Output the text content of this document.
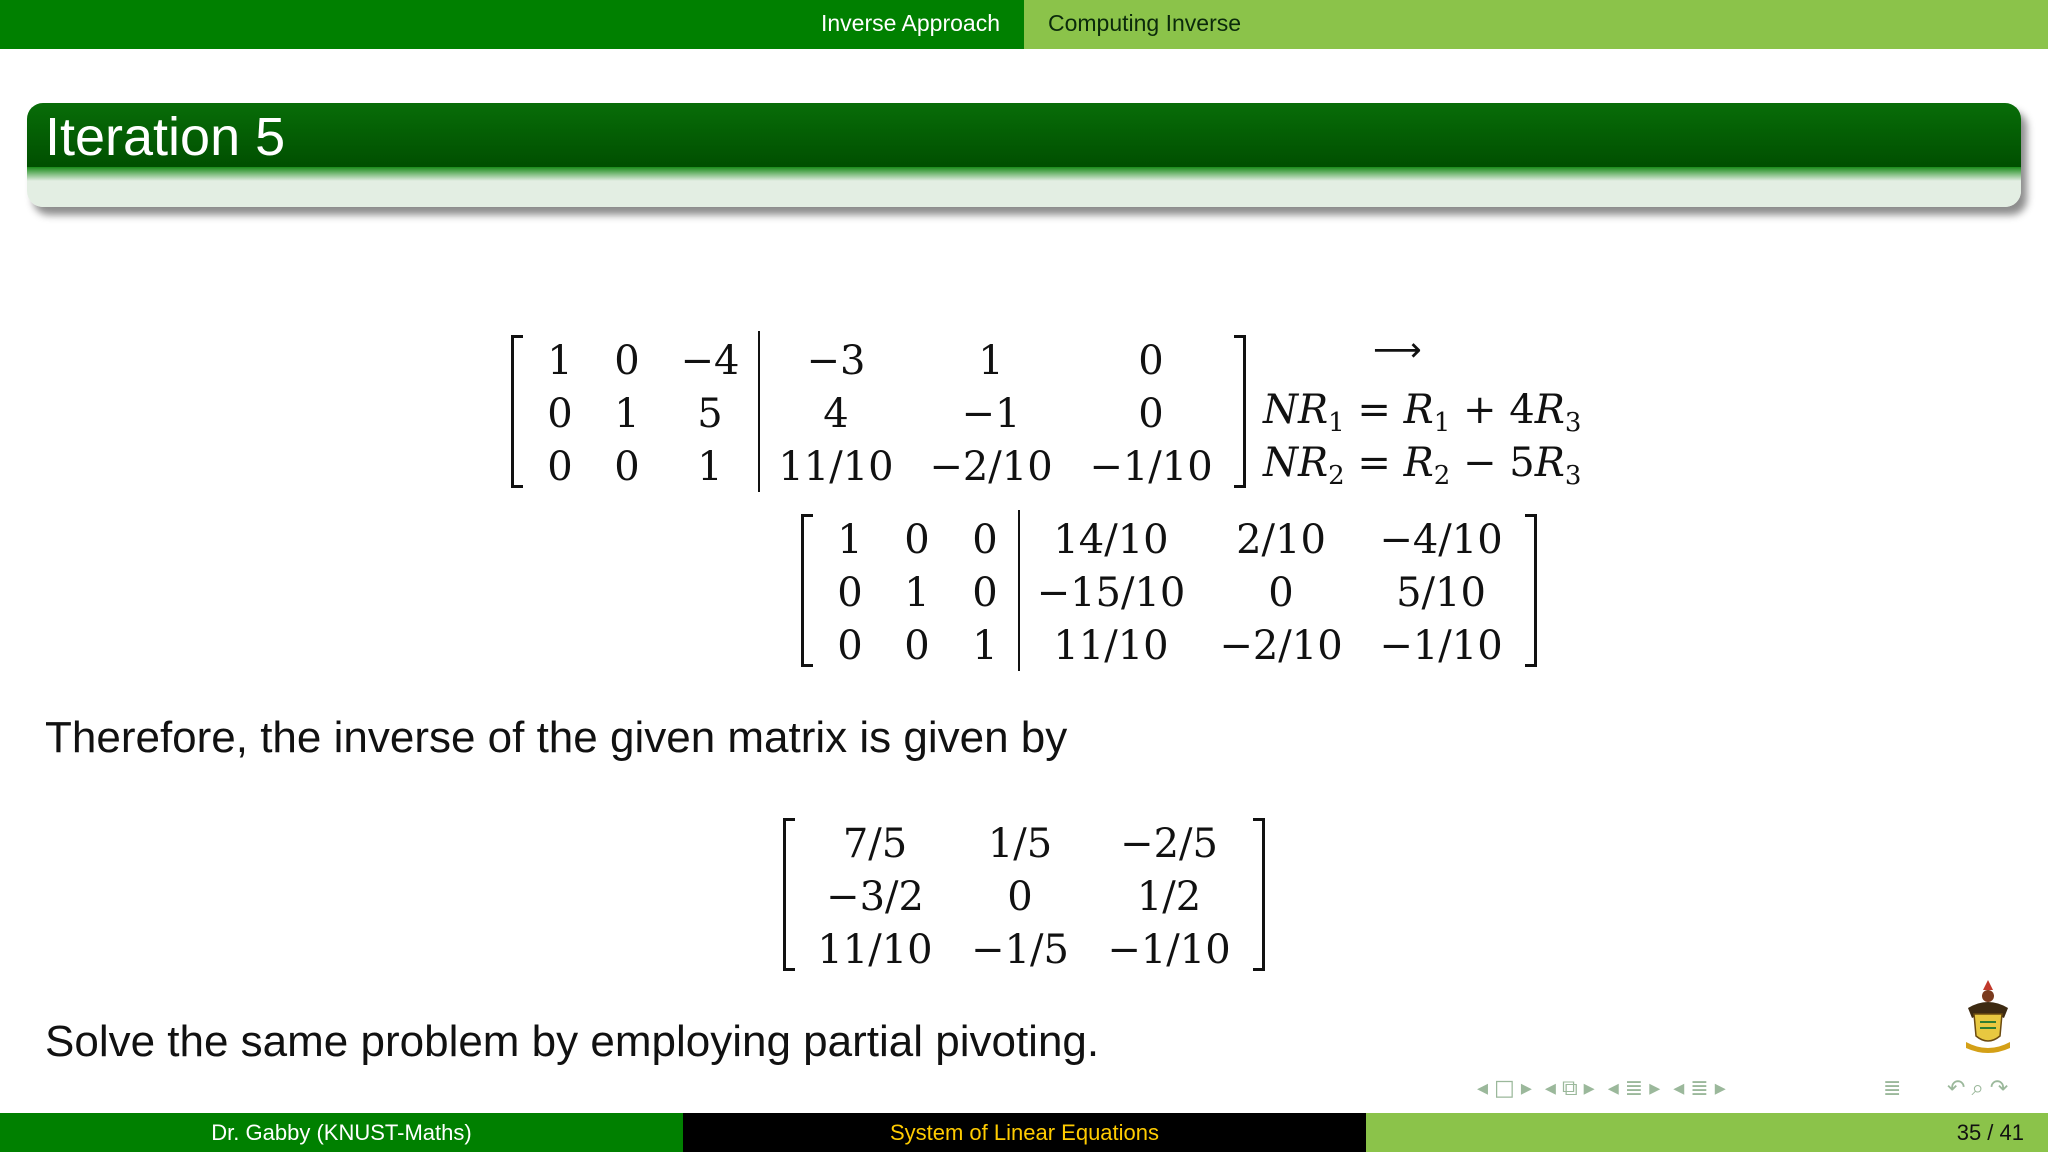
Inverse Approach	Computing Inverse
Iteration 5
1	0	−4	−3	1	0
0	1	5	4	−1	0
0	0	1	11/10 −2/10 −1/10
⟶
$NR_1 = R_1 + 4R_3$
$NR_2 = R_2 - 5R_3$
1	0	0	14/10	2/10	−4/10
0	1	0 −15/10	0	5/10
0	0	1	11/10	−2/10 −1/10
Therefore, the inverse of the given matrix is given by
7/5	1/5	−2/5
−3/2	0	1/2
11/10 −1/5 −1/10
Solve the same problem by employing partial pivoting.
◂ □ ▸ ◂ ⧉ ▸ ◂ ≣ ▸ ◂ ≣ ▸	≣ ↶ ⌕ ↷
Dr. Gabby (KNUST-Maths)	System of Linear Equations	35 / 41
